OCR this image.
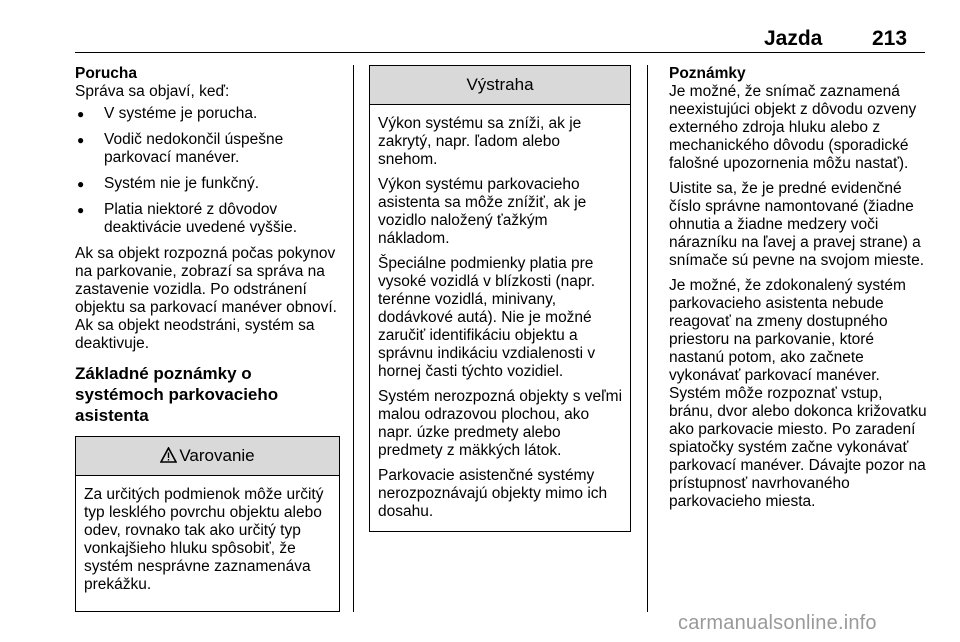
Jazda 213
Porucha
Správa sa objaví, keď:
● V systéme je porucha.
● Vodič nedokončil úspešne
parkovací manéver.
● Systém nie je funkčný.
● Platia niektoré z dôvodov deaktivácie uvedené vyššie.

Ak sa objekt rozpozná počas pokynov na parkovanie, zobrazí sa správa na zastavenie vozidla. Po odstránení objektu sa parkovací manéver obnoví. Ak sa objekt neodstráni, systém sa deaktivuje.

Základné poznámky o systémoch parkovacieho asistenta
Varovanie

Za určitých podmienok môže určitý typ lesklého povrchu objektu alebo odev, rovnako tak ako určitý typ vonkajšieho hluku spôsobiť, že systém nesprávne zaznamenáva prekážku.

Výstraha

Výkon systému sa zníži, ak je zakrytý, napr. ľadom alebo snehom.

Výkon systému parkovacieho asistenta sa môže znížiť, ak je vozidlo naložený ťažkým nákladom.

Špeciálne podmienky platia pre vysoké vozidlá v blízkosti (napr. terénne vozidlá, minivany, dodávkové autá). Nie je možné zaručiť identifikáciu objektu a správnu indikáciu vzdialenosti v hornej časti týchto vozidiel.

Systém nerozpozná objekty s veľmi malou odrazovou plochou, ako napr. úzke predmety alebo predmety z mäkkých látok.

Parkovacie asistenčné systémy nerozpoznávajú objekty mimo ich dosahu.

Poznámky

Je možné, že snímač zaznamená neexistujúci objekt z dôvodu ozveny externého zdroja hluku alebo z mechanického dôvodu (sporadické falošné upozornenia môžu nastať).

Uistite sa, že je predné evidenčné číslo správne namontované (žiadne ohnutia a žiadne medzery voči nárazníku na ľavej a pravej strane) a snímače sú pevne na svojom mieste.

Je možné, že zdokonalený systém parkovacieho asistenta nebude reagovať na zmeny dostupného priestoru na parkovanie, ktoré nastanú potom, ako začnete vykonávať parkovací manéver. Systém môže rozpoznať vstup, bránu, dvor alebo dokonca križovatku ako parkovacie miesto. Po zaradení spiatočky systém začne vykonávať parkovací manéver. Dávajte pozor na prístupnosť navrhovaného parkovacieho miesta.

carmanualsonline.info
